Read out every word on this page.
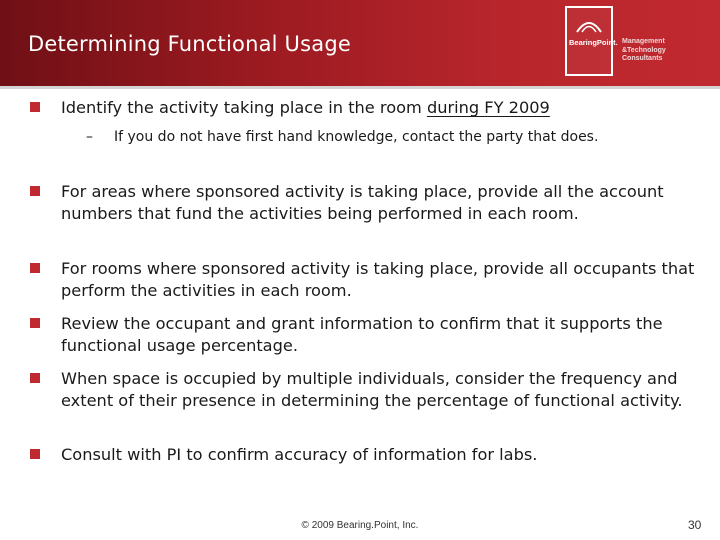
Determining Functional Usage	BearingPoint. Management
&Technology
Consultants
Identify the activity taking place in the room during FY 2009
– If you do not have first hand knowledge, contact the party that does.
For areas where sponsored activity is taking place, provide all the account numbers that fund the activities being performed in each room.
For rooms where sponsored activity is taking place, provide all occupants that perform the activities in each room.
Review the occupant and grant information to confirm that it supports the functional usage percentage.
When space is occupied by multiple individuals, consider the frequency and extent of their presence in determining the percentage of functional activity.
Consult with PI to confirm accuracy of information for labs.
© 2009 Bearing.Point, Inc.	30
